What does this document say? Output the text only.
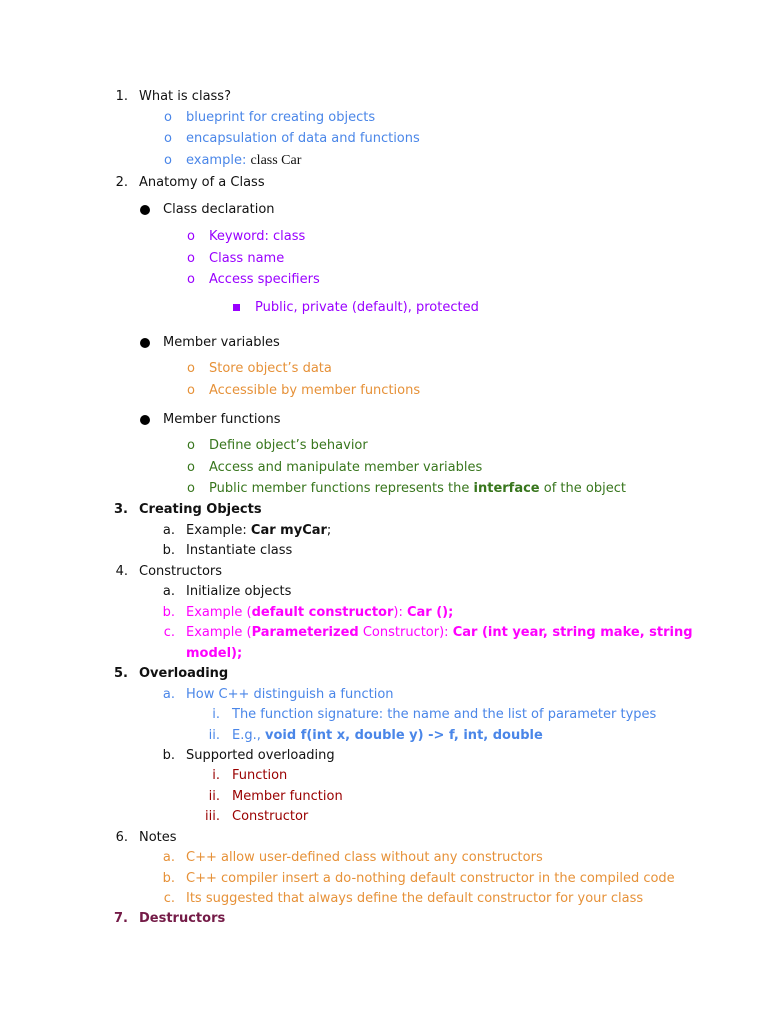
1. What is class?
o blueprint for creating objects
o encapsulation of data and functions
o example: class Car
2. Anatomy of a Class
Class declaration
o Keyword: class
o Class name
o Access specifiers
Public, private (default), protected
Member variables
o Store object’s data
o Accessible by member functions
Member functions
o Define object’s behavior
o Access and manipulate member variables
o Public member functions represents the interface of the object
3. Creating Objects
a. Example: Car myCar;
b. Instantiate class
4. Constructors
a. Initialize objects
b. Example (default constructor): Car ();
c. Example (Parameterized Constructor): Car (int year, string make, string
model);
5. Overloading
a. How C++ distinguish a function
i. The function signature: the name and the list of parameter types
ii. E.g., void f(int x, double y) -> f, int, double
b. Supported overloading
i. Function
ii. Member function
iii. Constructor
6. Notes
a. C++ allow user-defined class without any constructors
b. C++ compiler insert a do-nothing default constructor in the compiled code
c. Its suggested that always define the default constructor for your class
7. Destructors
